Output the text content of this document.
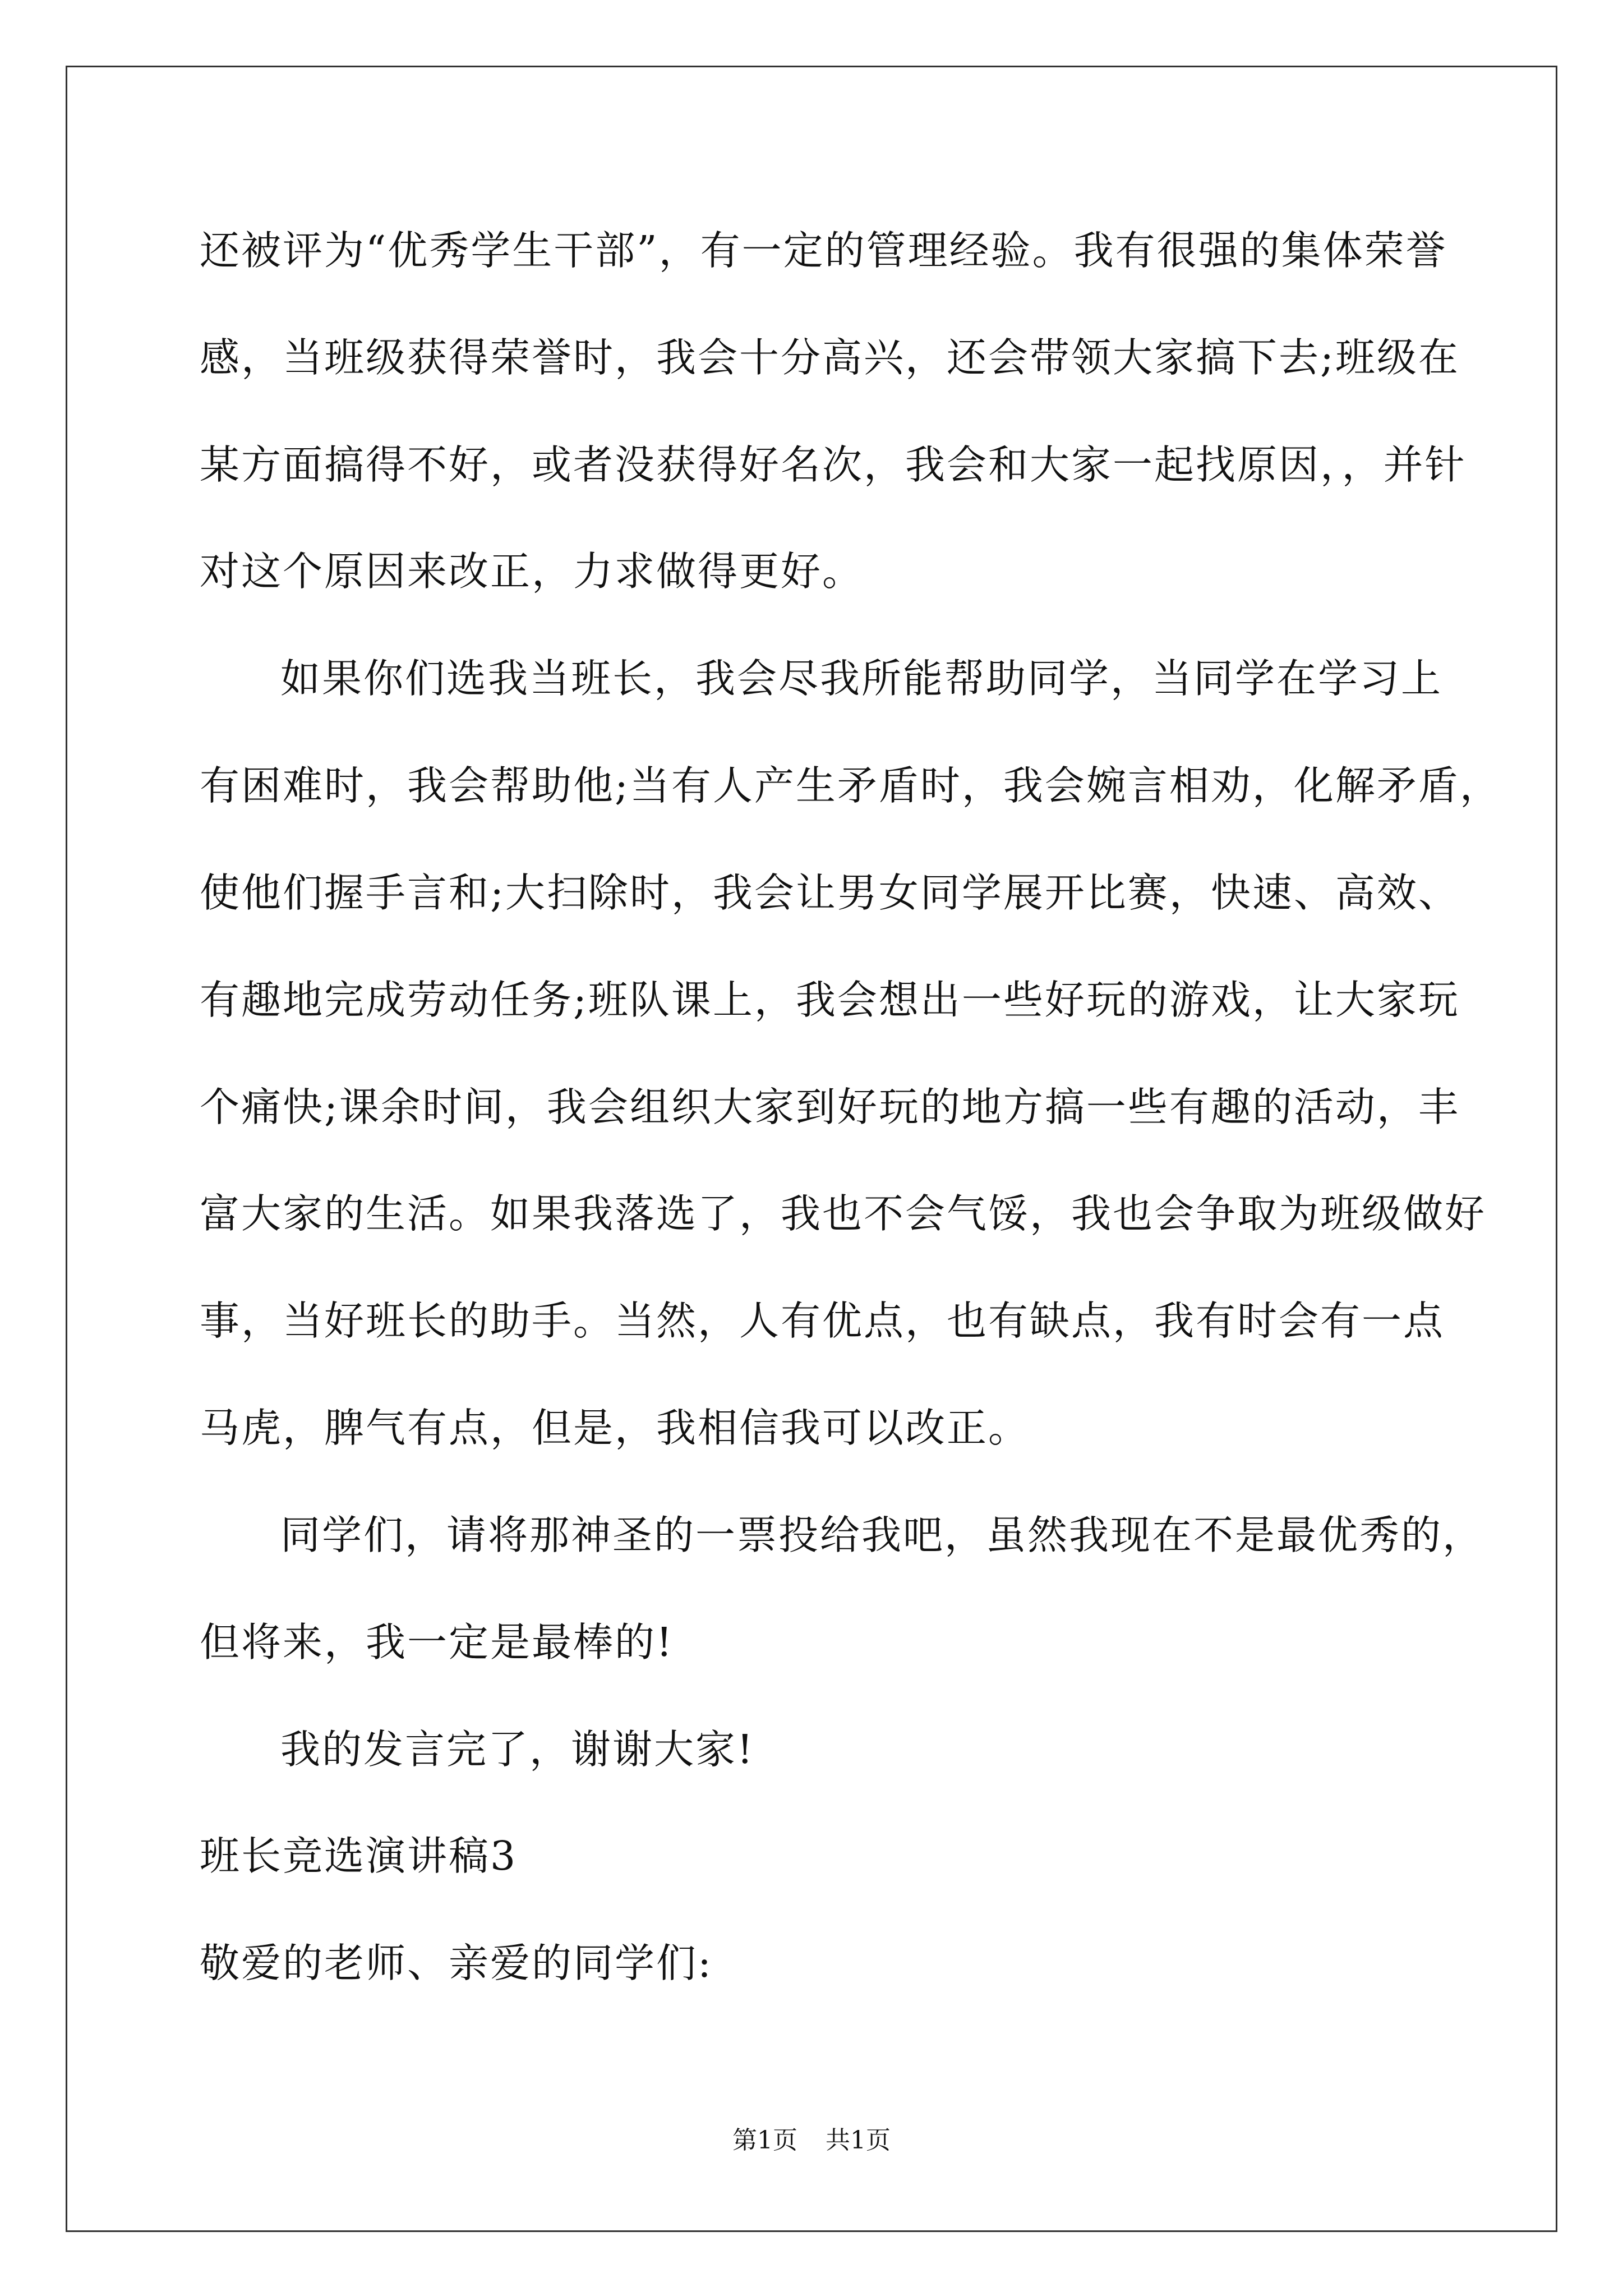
还被评为“优秀学生干部”，有一定的管理经验。我有很强的集体荣誉
感，当班级获得荣誉时，我会十分高兴，还会带领大家搞下去;班级在
某方面搞得不好，或者没获得好名次，我会和大家一起找原因，，并针
对这个原因来改正，力求做得更好。
如果你们选我当班长，我会尽我所能帮助同学，当同学在学习上
有困难时，我会帮助他;当有人产生矛盾时，我会婉言相劝，化解矛盾，
使他们握手言和;大扫除时，我会让男女同学展开比赛，快速、高效、
有趣地完成劳动任务;班队课上，我会想出一些好玩的游戏，让大家玩
个痛快;课余时间，我会组织大家到好玩的地方搞一些有趣的活动，丰
富大家的生活。如果我落选了，我也不会气馁，我也会争取为班级做好
事，当好班长的助手。当然，人有优点，也有缺点，我有时会有一点
马虎，脾气有点，但是，我相信我可以改正。
同学们，请将那神圣的一票投给我吧，虽然我现在不是最优秀的，
但将来，我一定是最棒的!
我的发言完了，谢谢大家!
班长竞选演讲稿3
敬爱的老师、亲爱的同学们:
第1页 共1页
